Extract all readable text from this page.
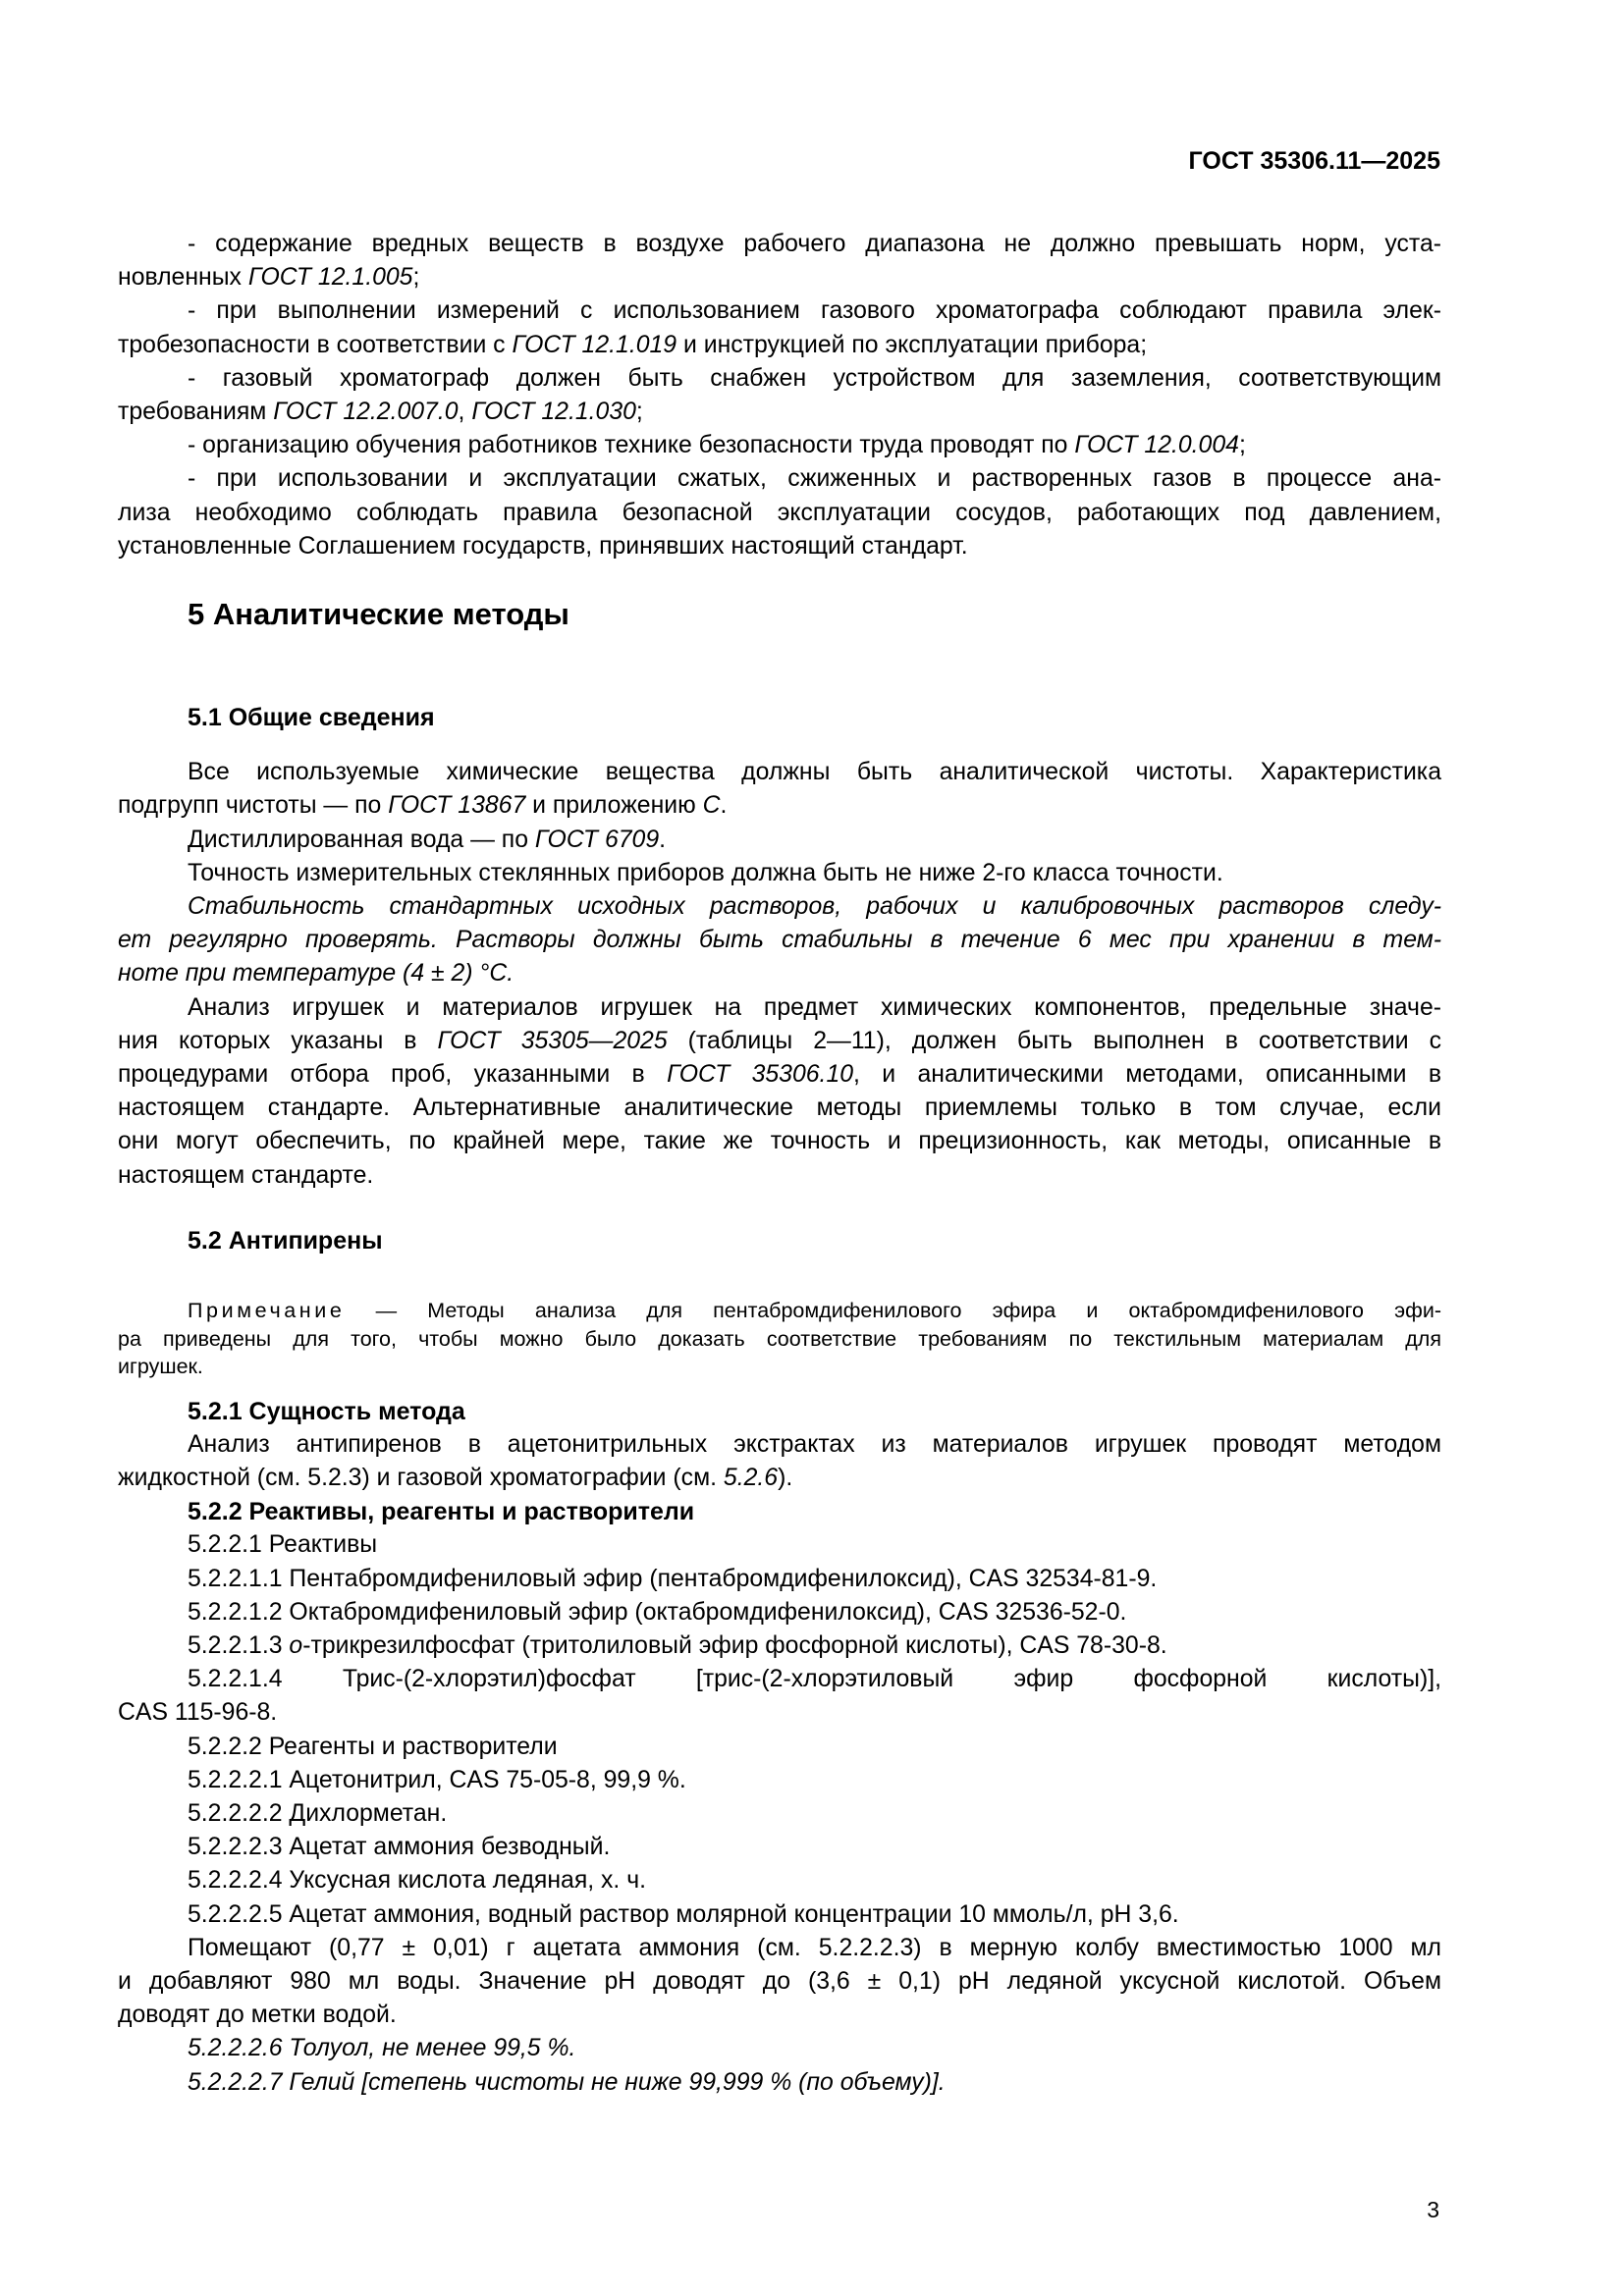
ГОСТ 35306.11—2025

5 Аналитические методы

- содержание вредных веществ в воздухе рабочего диапазона не должно превышать норм, уста-

новленных ГОСТ 12.1.005;

- при выполнении измерений с использованием газового хроматографа соблюдают правила элек-

тробезопасности в соответствии с ГОСТ 12.1.019 и инструкцией по эксплуатации прибора;

- газовый хроматограф должен быть снабжен устройством для заземления, соответствующим

требованиям ГОСТ 12.2.007.0, ГОСТ 12.1.030;

- организацию обучения работников технике безопасности труда проводят по ГОСТ 12.0.004;

- при использовании и эксплуатации сжатых, сжиженных и растворенных газов в процессе ана-

лиза необходимо соблюдать правила безопасной эксплуатации сосудов, работающих под давлением,

установленные Соглашением государств, принявших настоящий стандарт.

5.1 Общие сведения

Все используемые химические вещества должны быть аналитической чистоты. Характеристика

подгрупп чистоты — по ГОСТ 13867 и приложению С.

Дистиллированная вода — по ГОСТ 6709.

Точность измерительных стеклянных приборов должна быть не ниже 2-го класса точности.

Стабильность стандартных исходных растворов, рабочих и калибровочных растворов следу-

ет регулярно проверять. Растворы должны быть стабильны в течение 6 мес при хранении в тем-

ноте при температуре (4 ± 2) °С.

Анализ игрушек и материалов игрушек на предмет химических компонентов, предельные значе-

ния которых указаны в ГОСТ 35305—2025 (таблицы 2—11), должен быть выполнен в соответствии с

процедурами отбора проб, указанными в ГОСТ 35306.10, и аналитическими методами, описанными в

настоящем стандарте. Альтернативные аналитические методы приемлемы только в том случае, если

они могут обеспечить, по крайней мере, такие же точность и прецизионность, как методы, описанные в

настоящем стандарте.

5.2 Антипирены

Примечание — Методы анализа для пентабромдифенилового эфира и октабромдифенилового эфи-

ра приведены для того, чтобы можно было доказать соответствие требованиям по текстильным материалам для

игрушек.

5.2.1 Сущность метода

Анализ антипиренов в ацетонитрильных экстрактах из материалов игрушек проводят методом

жидкостной (см. 5.2.3) и газовой хроматографии (см. 5.2.6).

5.2.2 Реактивы, реагенты и растворители

5.2.2.1 Реактивы

5.2.2.1.1 Пентабромдифениловый эфир (пентабромдифенилоксид), CAS 32534-81-9.

5.2.2.1.2 Октабромдифениловый эфир (октабромдифенилоксид), CAS 32536-52-0.

5.2.2.1.3 о-трикрезилфосфат (тритолиловый эфир фосфорной кислоты), CAS 78-30-8.

5.2.2.1.4 Трис-(2-хлорэтил)фосфат [трис-(2-хлорэтиловый эфир фосфорной кислоты)],

CAS 115-96-8.

5.2.2.2 Реагенты и растворители

5.2.2.2.1 Ацетонитрил, CAS 75-05-8, 99,9 %.

5.2.2.2.2 Дихлорметан.

5.2.2.2.3 Ацетат аммония безводный.

5.2.2.2.4 Уксусная кислота ледяная, х. ч.

5.2.2.2.5 Ацетат аммония, водный раствор молярной концентрации 10 ммоль/л, pH 3,6.

Помещают (0,77 ± 0,01) г ацетата аммония (см. 5.2.2.2.3) в мерную колбу вместимостью 1000 мл

и добавляют 980 мл воды. Значение pH доводят до (3,6 ± 0,1) pH ледяной уксусной кислотой. Объем

доводят до метки водой.

5.2.2.2.6 Толуол, не менее 99,5 %.

5.2.2.2.7 Гелий [степень чистоты не ниже 99,999 % (по объему)].

3
